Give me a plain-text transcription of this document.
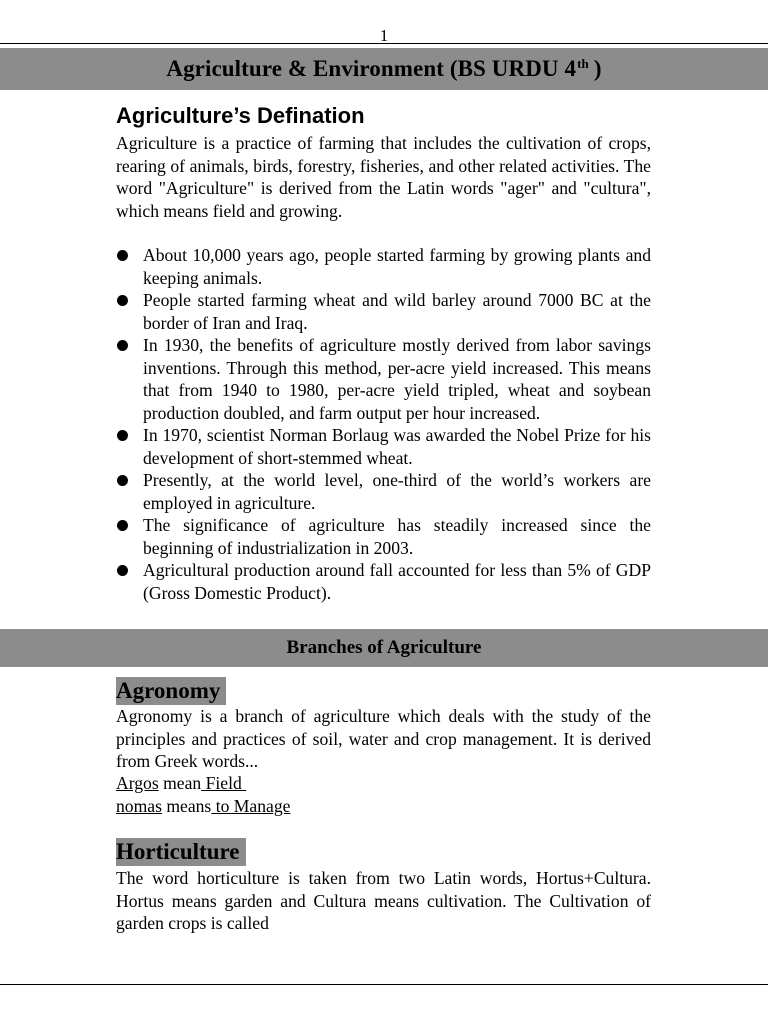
1
Agriculture & Environment (BS URDU 4th )
Agriculture’s Defination

Agriculture is a practice of farming that includes the cultivation of crops, rearing of animals, birds, forestry, fisheries, and other related activities. The word "Agriculture" is derived from the Latin words "ager" and "cultura", which means field and growing.

About 10,000 years ago, people started farming by growing plants and keeping animals.
People started farming wheat and wild barley around 7000 BC at the border of Iran and Iraq.
In 1930, the benefits of agriculture mostly derived from labor savings inventions. Through this method, per-acre yield increased. This means that from 1940 to 1980, per-acre yield tripled, wheat and soybean production doubled, and farm output per hour increased.
In 1970, scientist Norman Borlaug was awarded the Nobel Prize for his development of short-stemmed wheat.
Presently, at the world level, one-third of the world’s workers are employed in agriculture.
The significance of agriculture has steadily increased since the beginning of industrialization in 2003.
Agricultural production around fall accounted for less than 5% of GDP (Gross Domestic Product).
Branches of Agriculture
Agronomy

Agronomy is a branch of agriculture which deals with the study of the principles and practices of soil, water and crop management. It is derived from Greek words...

Argos mean Field
nomas means to Manage
Horticulture

The word horticulture is taken from two Latin words, Hortus+Cultura. Hortus means garden and Cultura means cultivation. The Cultivation of garden crops is called
